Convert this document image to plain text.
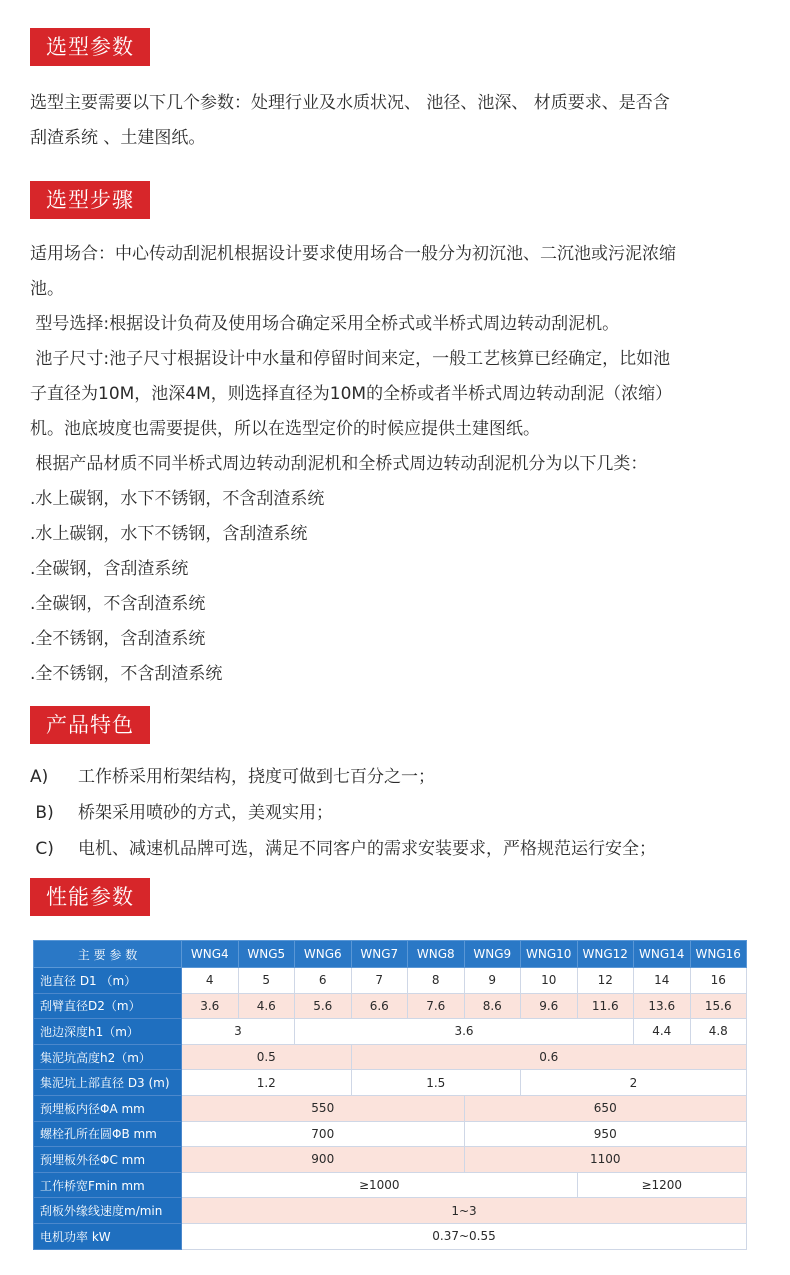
选型参数

选型主要需要以下几个参数：处理行业及水质状况、 池径、池深、 材质要求、是否含

刮渣系统 、土建图纸。

选型步骤

适用场合：中心传动刮泥机根据设计要求使用场合一般分为初沉池、二沉池或污泥浓缩

池。

型号选择:根据设计负荷及使用场合确定采用全桥式或半桥式周边转动刮泥机。

池子尺寸:池子尺寸根据设计中水量和停留时间来定，一般工艺核算已经确定，比如池

子直径为10M，池深4M，则选择直径为10M的全桥或者半桥式周边转动刮泥（浓缩）

机。池底坡度也需要提供，所以在选型定价的时候应提供土建图纸。

根据产品材质不同半桥式周边转动刮泥机和全桥式周边转动刮泥机分为以下几类：

.水上碳钢，水下不锈钢，不含刮渣系统

.水上碳钢，水下不锈钢，含刮渣系统

.全碳钢，含刮渣系统

.全碳钢，不含刮渣系统

.全不锈钢，含刮渣系统

.全不锈钢，不含刮渣系统

产品特色
A)	工作桥采用桁架结构，挠度可做到七百分之一；
B)	桥架采用喷砂的方式，美观实用；
C)	电机、减速机品牌可选，满足不同客户的需求安装要求，严格规范运行安全；
性能参数
主 要 参 数	WNG4	WNG5	WNG6	WNG7	WNG8	WNG9	WNG10	WNG12	WNG14	WNG16
池直径 D1 （m）	4	5	6	7	8	9	10	12	14	16
刮臂直径D2（m）	3.6	4.6	5.6	6.6	7.6	8.6	9.6	11.6	13.6	15.6
池边深度h1（m）	3		3.6						4.4	4.8
集泥坑高度h2（m）	0.5			0.6						
集泥坑上部直径 D3 (m)	1.2			1.5			2			
预埋板内径ΦA mm	550					650				
螺栓孔所在圆ΦB mm	700					950				
预埋板外径ΦC mm	900					1100				
工作桥宽Fmin mm	≥1000							≥1200		
刮板外缘线速度m/min	1~3									
电机功率 kW	0.37~0.55									
